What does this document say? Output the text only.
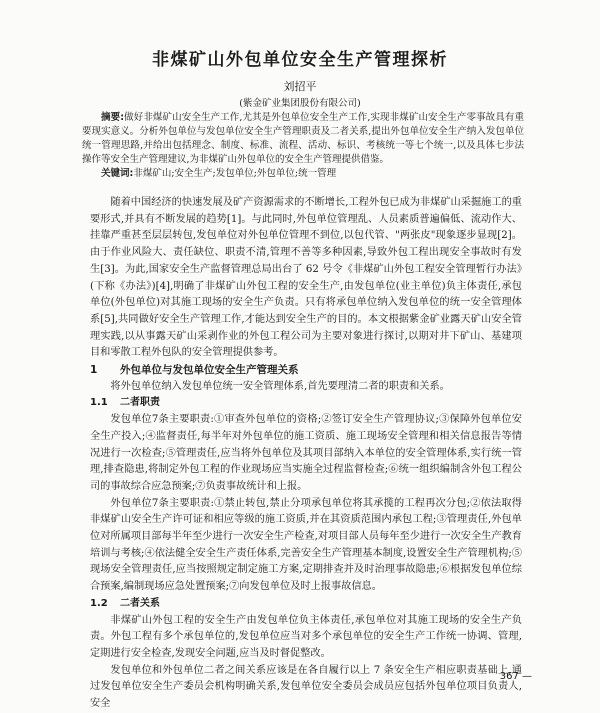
非煤矿山外包单位安全生产管理探析
刘招平
(紫金矿业集团股份有限公司)

摘要:做好非煤矿山安全生产工作,尤其是外包单位安全生产工作,实现非煤矿山安全生产零事故具有重要现实意义。分析外包单位与发包单位安全生产管理职责及二者关系,提出外包单位安全生产纳入发包单位统一管理思路,并给出包括理念、制度、标准、流程、活动、标识、考核统一等七个统一,以及具体七步法操作等安全生产管理建议,为非煤矿山外包单位的安全生产管理提供借鉴。

关键词:非煤矿山;安全生产;发包单位;外包单位;统一管理

随着中国经济的快速发展及矿产资源需求的不断增长,工程外包已成为非煤矿山采掘施工的重要形式,并具有不断发展的趋势[1]。与此同时,外包单位管理乱、人员素质普遍偏低、流动作大、挂靠严重甚至层层转包,发包单位对外包单位管理不到位,以包代管、"两张皮"现象逐步显现[2]。由于作业风险大、责任缺位、职责不清,管理不善等多种因素,导致外包工程出现安全事故时有发生[3]。为此,国家安全生产监督管理总局出台了 62 号令《非煤矿山外包工程安全管理暂行办法》(下称《办法》)[4],明确了非煤矿山外包工程的安全生产,由发包单位(业主单位)负主体责任,承包单位(外包单位)对其施工现场的安全生产负责。只有将承包单位纳入发包单位的统一安全管理体系[5],共同做好安全生产管理工作,才能达到安全生产的目的。本文根据紫金矿业露天矿山安全管理实践,以从事露天矿山采剥作业的外包工程公司为主要对象进行探讨,以期对井下矿山、基建项目和零散工程外包队的安全管理提供参考。

1 外包单位与发包单位安全生产管理关系

将外包单位纳入发包单位统一安全管理体系,首先要理清二者的职责和关系。

1.1 二者职责

发包单位7条主要职责:①审查外包单位的资格;②签订安全生产管理协议;③保障外包单位安全生产投入;④监督责任,每半年对外包单位的施工资质、施工现场安全管理和相关信息报告等情况进行一次检查;⑤管理责任,应当将外包单位及其项目部纳入本单位的安全管理体系,实行统一管理,排查隐患,将制定外包工程的作业现场应当实施全过程监督检查;⑥统一组织编制含外包工程公司的事故综合应急预案;⑦负责事故统计和上报。

外包单位7条主要职责:①禁止转包,禁止分项承包单位将其承揽的工程再次分包;②依法取得非煤矿山安全生产许可证和相应等级的施工资质,并在其资质范围内承包工程;③管理责任,外包单位对所属项目部每半年至少进行一次安全生产检查,对项目部人员每年至少进行一次安全生产教育培训与考核;④依法健全安全生产责任体系,完善安全生产管理基本制度,设置安全生产管理机构;⑤现场安全管理责任,应当按照规定制定施工方案,定期排查并及时治理事故隐患;⑥根据发包单位综合预案,编制现场应急处置预案;⑦向发包单位及时上报事故信息。

1.2 二者关系

非煤矿山外包工程的安全生产由发包单位负主体责任,承包单位对其施工现场的安全生产负责。外包工程有多个承包单位的,发包单位应当对多个承包单位的安全生产工作统一协调、管理,定期进行安全检查,发现安全问题,应当及时督促整改。

发包单位和外包单位二者之间关系应该是在各自履行以上 7 条安全生产相应职责基础上,通过发包单位安全生产委员会机构明确关系,发包单位安全委员会成员应包括外包单位项目负责人,安全

367 —
